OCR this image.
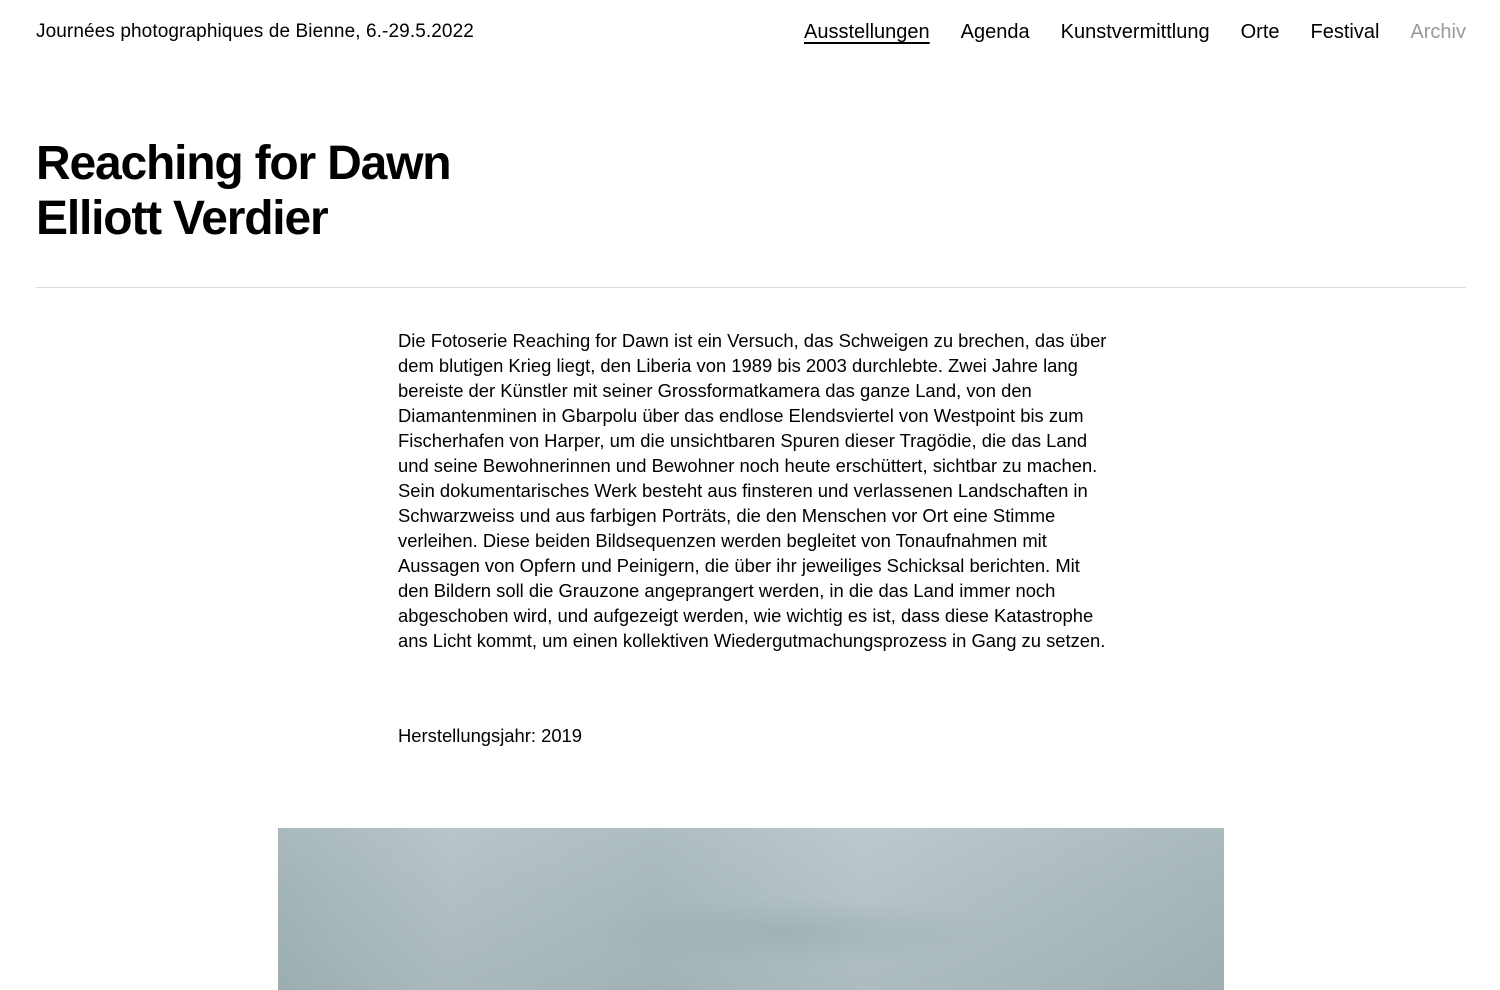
Journées photographiques de Bienne, 6.-29.5.2022	Ausstellungen Agenda Kunstvermittlung Orte Festival Archiv
Reaching for Dawn
Elliott Verdier

Die Fotoserie Reaching for Dawn ist ein Versuch, das Schweigen zu brechen, das über dem blutigen Krieg liegt, den Liberia von 1989 bis 2003 durchlebte. Zwei Jahre lang bereiste der Künstler mit seiner Grossformatkamera das ganze Land, von den Diamantenminen in Gbarpolu über das endlose Elendsviertel von Westpoint bis zum Fischerhafen von Harper, um die unsichtbaren Spuren dieser Tragödie, die das Land und seine Bewohnerinnen und Bewohner noch heute erschüttert, sichtbar zu machen. Sein dokumentarisches Werk besteht aus finsteren und verlassenen Landschaften in Schwarzweiss und aus farbigen Porträts, die den Menschen vor Ort eine Stimme verleihen. Diese beiden Bildsequenzen werden begleitet von Tonaufnahmen mit Aussagen von Opfern und Peinigern, die über ihr jeweiliges Schicksal berichten. Mit den Bildern soll die Grauzone angeprangert werden, in die das Land immer noch abgeschoben wird, und aufgezeigt werden, wie wichtig es ist, dass diese Katastrophe ans Licht kommt, um einen kollektiven Wiedergutmachungsprozess in Gang zu setzen.

Herstellungsjahr: 2019
